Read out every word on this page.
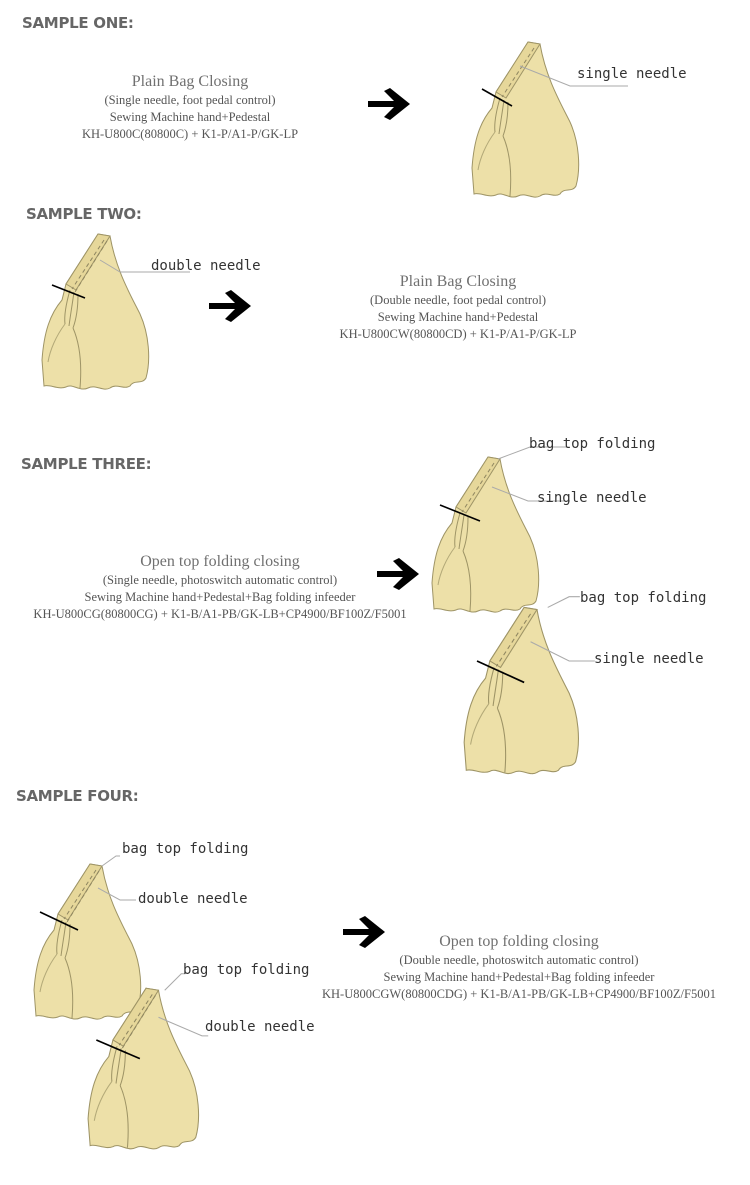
SAMPLE ONE:
Plain Bag Closing
(Single needle, foot pedal control)
Sewing Machine hand+Pedestal
KH-U800C(80800C) + K1-P/A1-P/GK-LP
single needle
SAMPLE TWO:
double needle
Plain Bag Closing
(Double needle, foot pedal control)
Sewing Machine hand+Pedestal
KH-U800CW(80800CD) + K1-P/A1-P/GK-LP
SAMPLE THREE:
Open top folding closing
(Single needle, photoswitch automatic control)
Sewing Machine hand+Pedestal+Bag folding infeeder
KH-U800CG(80800CG) + K1-B/A1-PB/GK-LB+CP4900/BF100Z/F5001
bag top folding
single needle
bag top folding
single needle
SAMPLE FOUR:
bag top folding
double needle
bag top folding
double needle
Open top folding closing
(Double needle, photoswitch automatic control)
Sewing Machine hand+Pedestal+Bag folding infeeder
KH-U800CGW(80800CDG) + K1-B/A1-PB/GK-LB+CP4900/BF100Z/F5001
